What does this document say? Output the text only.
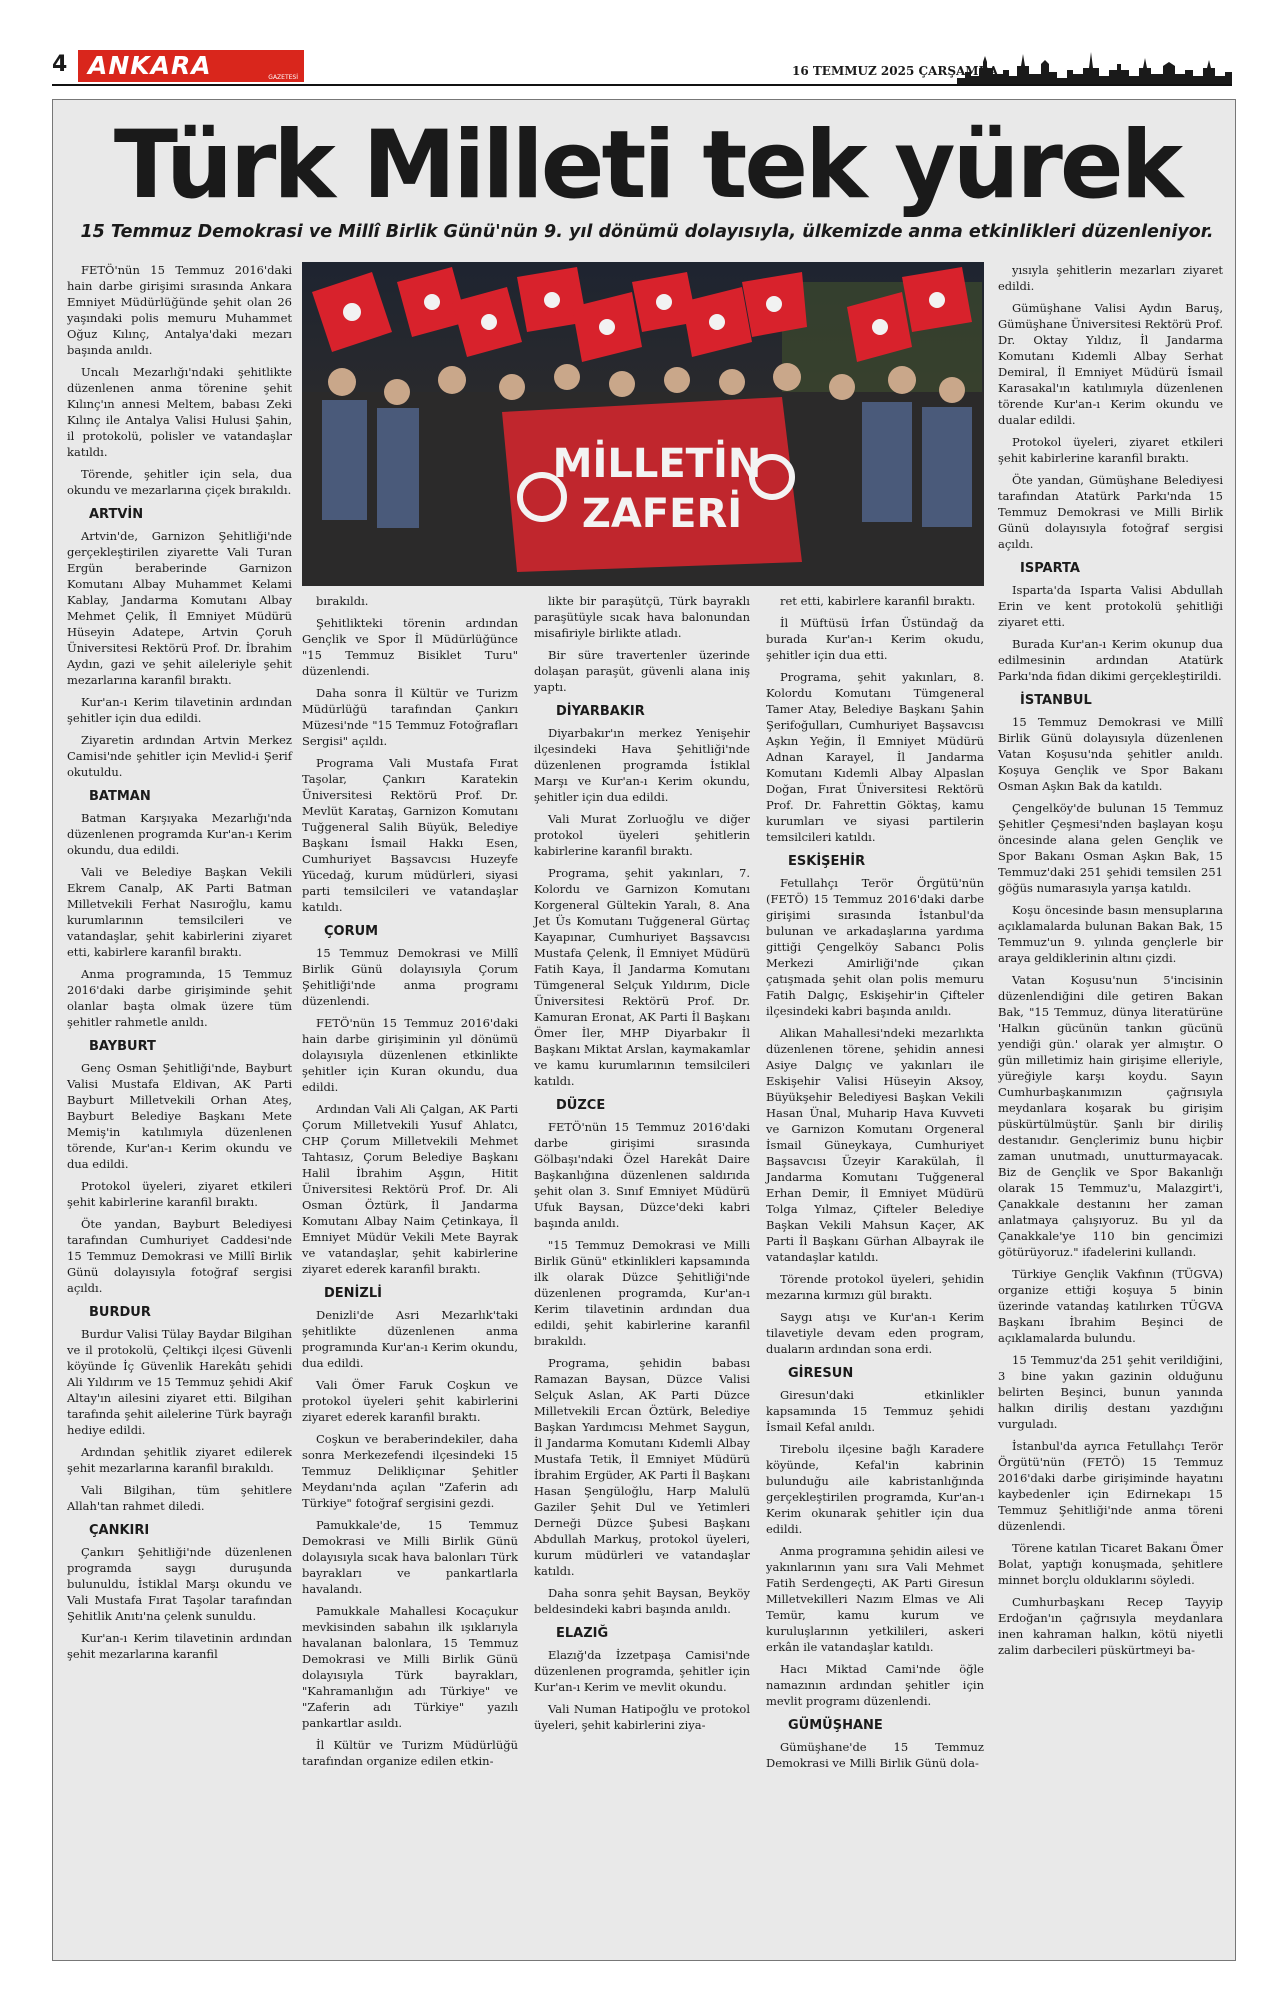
4 ANKARA	GAZETESİ	16 TEMMUZ 2025 ÇARŞAMBA
Türk Milleti tek yürek

15 Temmuz Demokrasi ve Millî Birlik Günü'nün 9. yıl dönümü dolayısıyla, ülkemizde anma etkinlikleri düzenleniyor.

FETÖ'nün 15 Temmuz 2016'daki hain darbe girişimi sırasında Ankara Emniyet Müdürlüğünde şehit olan 26 yaşındaki polis memuru Muhammet Oğuz Kılınç, Antalya'daki mezarı başında anıldı.

Uncalı Mezarlığı'ndaki şehitlikte düzenlenen anma törenine şehit Kılınç'ın annesi Meltem, babası Zeki Kılınç ile Antalya Valisi Hulusi Şahin, il protokolü, polisler ve vatandaşlar katıldı.

Törende, şehitler için sela, dua okundu ve mezarlarına çiçek bırakıldı.

ARTVİN

Artvin'de, Garnizon Şehitliği'nde gerçekleştirilen ziyarette Vali Turan Ergün beraberinde Garnizon Komutanı Albay Muhammet Kelami Kablay, Jandarma Komutanı Albay Mehmet Çelik, İl Emniyet Müdürü Hüseyin Adatepe, Artvin Çoruh Üniversitesi Rektörü Prof. Dr. İbrahim Aydın, gazi ve şehit aileleriyle şehit mezarlarına karanfil bıraktı.

Kur'an-ı Kerim tilavetinin ardından şehitler için dua edildi.

Ziyaretin ardından Artvin Merkez Camisi'nde şehitler için Mevlid-i Şerif okutuldu.

BATMAN

Batman Karşıyaka Mezarlığı'nda düzenlenen programda Kur'an-ı Kerim okundu, dua edildi.

Vali ve Belediye Başkan Vekili Ekrem Canalp, AK Parti Batman Milletvekili Ferhat Nasıroğlu, kamu kurumlarının temsilcileri ve vatandaşlar, şehit kabirlerini ziyaret etti, kabirlere karanfil bıraktı.

Anma programında, 15 Temmuz 2016'daki darbe girişiminde şehit olanlar başta olmak üzere tüm şehitler rahmetle anıldı.

BAYBURT

Genç Osman Şehitliği'nde, Bayburt Valisi Mustafa Eldivan, AK Parti Bayburt Milletvekili Orhan Ateş, Bayburt Belediye Başkanı Mete Memiş'in katılımıyla düzenlenen törende, Kur'an-ı Kerim okundu ve dua edildi.

Protokol üyeleri, ziyaret etkileri şehit kabirlerine karanfil bıraktı.

Öte yandan, Bayburt Belediyesi tarafından Cumhuriyet Caddesi'nde 15 Temmuz Demokrasi ve Millî Birlik Günü dolayısıyla fotoğraf sergisi açıldı.

BURDUR

Burdur Valisi Tülay Baydar Bilgihan ve il protokolü, Çeltikçi ilçesi Güvenli köyünde İç Güvenlik Harekâtı şehidi Ali Yıldırım ve 15 Temmuz şehidi Akif Altay'ın ailesini ziyaret etti. Bilgihan tarafında şehit ailelerine Türk bayrağı hediye edildi.

Ardından şehitlik ziyaret edilerek şehit mezarlarına karanfil bırakıldı.

Vali Bilgihan, tüm şehitlere Allah'tan rahmet diledi.

ÇANKIRI

Çankırı Şehitliği'nde düzenlenen programda saygı duruşunda bulunuldu, İstiklal Marşı okundu ve Vali Mustafa Fırat Taşolar tarafından Şehitlik Anıtı'na çelenk sunuldu.

Kur'an-ı Kerim tilavetinin ardından şehit mezarlarına karanfil

MİLLETİN
ZAFERİ

bırakıldı.

Şehitlikteki törenin ardından Gençlik ve Spor İl Müdürlüğünce "15 Temmuz Bisiklet Turu" düzenlendi.

Daha sonra İl Kültür ve Turizm Müdürlüğü tarafından Çankırı Müzesi'nde "15 Temmuz Fotoğrafları Sergisi" açıldı.

Programa Vali Mustafa Fırat Taşolar, Çankırı Karatekin Üniversitesi Rektörü Prof. Dr. Mevlüt Karataş, Garnizon Komutanı Tuğgeneral Salih Büyük, Belediye Başkanı İsmail Hakkı Esen, Cumhuriyet Başsavcısı Huzeyfe Yücedağ, kurum müdürleri, siyasi parti temsilcileri ve vatandaşlar katıldı.

ÇORUM

15 Temmuz Demokrasi ve Millî Birlik Günü dolayısıyla Çorum Şehitliği'nde anma programı düzenlendi.

FETÖ'nün 15 Temmuz 2016'daki hain darbe girişiminin yıl dönümü dolayısıyla düzenlenen etkinlikte şehitler için Kuran okundu, dua edildi.

Ardından Vali Ali Çalgan, AK Parti Çorum Milletvekili Yusuf Ahlatcı, CHP Çorum Milletvekili Mehmet Tahtasız, Çorum Belediye Başkanı Halil İbrahim Aşgın, Hitit Üniversitesi Rektörü Prof. Dr. Ali Osman Öztürk, İl Jandarma Komutanı Albay Naim Çetinkaya, İl Emniyet Müdür Vekili Mete Bayrak ve vatandaşlar, şehit kabirlerine ziyaret ederek karanfil bıraktı.

DENİZLİ

Denizli'de Asri Mezarlık'taki şehitlikte düzenlenen anma programında Kur'an-ı Kerim okundu, dua edildi.

Vali Ömer Faruk Coşkun ve protokol üyeleri şehit kabirlerini ziyaret ederek karanfil bıraktı.

Coşkun ve beraberindekiler, daha sonra Merkezefendi ilçesindeki 15 Temmuz Delikliçınar Şehitler Meydanı'nda açılan "Zaferin adı Türkiye" fotoğraf sergisini gezdi.

Pamukkale'de, 15 Temmuz Demokrasi ve Milli Birlik Günü dolayısıyla sıcak hava balonları Türk bayrakları ve pankartlarla havalandı.

Pamukkale Mahallesi Kocaçukur mevkisinden sabahın ilk ışıklarıyla havalanan balonlara, 15 Temmuz Demokrasi ve Milli Birlik Günü dolayısıyla Türk bayrakları, "Kahramanlığın adı Türkiye" ve "Zaferin adı Türkiye" yazılı pankartlar asıldı.

İl Kültür ve Turizm Müdürlüğü tarafından organize edilen etkin-

likte bir paraşütçü, Türk bayraklı paraşütüyle sıcak hava balonundan misafiriyle birlikte atladı.

Bir süre travertenler üzerinde dolaşan paraşüt, güvenli alana iniş yaptı.

DİYARBAKIR

Diyarbakır'ın merkez Yenişehir ilçesindeki Hava Şehitliği'nde düzenlenen programda İstiklal Marşı ve Kur'an-ı Kerim okundu, şehitler için dua edildi.

Vali Murat Zorluoğlu ve diğer protokol üyeleri şehitlerin kabirlerine karanfil bıraktı.

Programa, şehit yakınları, 7. Kolordu ve Garnizon Komutanı Korgeneral Gültekin Yaralı, 8. Ana Jet Üs Komutanı Tuğgeneral Gürtaç Kayapınar, Cumhuriyet Başsavcısı Mustafa Çelenk, İl Emniyet Müdürü Fatih Kaya, İl Jandarma Komutanı Tümgeneral Selçuk Yıldırım, Dicle Üniversitesi Rektörü Prof. Dr. Kamuran Eronat, AK Parti İl Başkanı Ömer İler, MHP Diyarbakır İl Başkanı Miktat Arslan, kaymakamlar ve kamu kurumlarının temsilcileri katıldı.

DÜZCE

FETÖ'nün 15 Temmuz 2016'daki darbe girişimi sırasında Gölbaşı'ndaki Özel Harekât Daire Başkanlığına düzenlenen saldırıda şehit olan 3. Sınıf Emniyet Müdürü Ufuk Baysan, Düzce'deki kabri başında anıldı.

"15 Temmuz Demokrasi ve Milli Birlik Günü" etkinlikleri kapsamında ilk olarak Düzce Şehitliği'nde düzenlenen programda, Kur'an-ı Kerim tilavetinin ardından dua edildi, şehit kabirlerine karanfil bırakıldı.

Programa, şehidin babası Ramazan Baysan, Düzce Valisi Selçuk Aslan, AK Parti Düzce Milletvekili Ercan Öztürk, Belediye Başkan Yardımcısı Mehmet Saygun, İl Jandarma Komutanı Kıdemli Albay Mustafa Tetik, İl Emniyet Müdürü İbrahim Ergüder, AK Parti İl Başkanı Hasan Şengüloğlu, Harp Malulü Gaziler Şehit Dul ve Yetimleri Derneği Düzce Şubesi Başkanı Abdullah Markuş, protokol üyeleri, kurum müdürleri ve vatandaşlar katıldı.

Daha sonra şehit Baysan, Beyköy beldesindeki kabri başında anıldı.

ELAZIĞ

Elazığ'da İzzetpaşa Camisi'nde düzenlenen programda, şehitler için Kur'an-ı Kerim ve mevlit okundu.

Vali Numan Hatipoğlu ve protokol üyeleri, şehit kabirlerini ziya-

ret etti, kabirlere karanfil bıraktı.

İl Müftüsü İrfan Üstündağ da burada Kur'an-ı Kerim okudu, şehitler için dua etti.

Programa, şehit yakınları, 8. Kolordu Komutanı Tümgeneral Tamer Atay, Belediye Başkanı Şahin Şerifoğulları, Cumhuriyet Başsavcısı Aşkın Yeğin, İl Emniyet Müdürü Adnan Karayel, İl Jandarma Komutanı Kıdemli Albay Alpaslan Doğan, Fırat Üniversitesi Rektörü Prof. Dr. Fahrettin Göktaş, kamu kurumları ve siyasi partilerin temsilcileri katıldı.

ESKİŞEHİR

Fetullahçı Terör Örgütü'nün (FETÖ) 15 Temmuz 2016'daki darbe girişimi sırasında İstanbul'da bulunan ve arkadaşlarına yardıma gittiği Çengelköy Sabancı Polis Merkezi Amirliği'nde çıkan çatışmada şehit olan polis memuru Fatih Dalgıç, Eskişehir'in Çifteler ilçesindeki kabri başında anıldı.

Alikan Mahallesi'ndeki mezarlıkta düzenlenen törene, şehidin annesi Asiye Dalgıç ve yakınları ile Eskişehir Valisi Hüseyin Aksoy, Büyükşehir Belediyesi Başkan Vekili Hasan Ünal, Muharip Hava Kuvveti ve Garnizon Komutanı Orgeneral İsmail Güneykaya, Cumhuriyet Başsavcısı Üzeyir Karakülah, İl Jandarma Komutanı Tuğgeneral Erhan Demir, İl Emniyet Müdürü Tolga Yılmaz, Çifteler Belediye Başkan Vekili Mahsun Kaçer, AK Parti İl Başkanı Gürhan Albayrak ile vatandaşlar katıldı.

Törende protokol üyeleri, şehidin mezarına kırmızı gül bıraktı.

Saygı atışı ve Kur'an-ı Kerim tilavetiyle devam eden program, duaların ardından sona erdi.

GİRESUN

Giresun'daki etkinlikler kapsamında 15 Temmuz şehidi İsmail Kefal anıldı.

Tirebolu ilçesine bağlı Karadere köyünde, Kefal'in kabrinin bulunduğu aile kabristanlığında gerçekleştirilen programda, Kur'an-ı Kerim okunarak şehitler için dua edildi.

Anma programına şehidin ailesi ve yakınlarının yanı sıra Vali Mehmet Fatih Serdengeçti, AK Parti Giresun Milletvekilleri Nazım Elmas ve Ali Temür, kamu kurum ve kuruluşlarının yetkilileri, askeri erkân ile vatandaşlar katıldı.

Hacı Miktad Cami'nde öğle namazının ardından şehitler için mevlit programı düzenlendi.

GÜMÜŞHANE

Gümüşhane'de 15 Temmuz Demokrasi ve Milli Birlik Günü dola-

yısıyla şehitlerin mezarları ziyaret edildi.

Gümüşhane Valisi Aydın Baruş, Gümüşhane Üniversitesi Rektörü Prof. Dr. Oktay Yıldız, İl Jandarma Komutanı Kıdemli Albay Serhat Demiral, İl Emniyet Müdürü İsmail Karasakal'ın katılımıyla düzenlenen törende Kur'an-ı Kerim okundu ve dualar edildi.

Protokol üyeleri, ziyaret etkileri şehit kabirlerine karanfil bıraktı.

Öte yandan, Gümüşhane Belediyesi tarafından Atatürk Parkı'nda 15 Temmuz Demokrasi ve Milli Birlik Günü dolayısıyla fotoğraf sergisi açıldı.

ISPARTA

Isparta'da Isparta Valisi Abdullah Erin ve kent protokolü şehitliği ziyaret etti.

Burada Kur'an-ı Kerim okunup dua edilmesinin ardından Atatürk Parkı'nda fidan dikimi gerçekleştirildi.

İSTANBUL

15 Temmuz Demokrasi ve Millî Birlik Günü dolayısıyla düzenlenen Vatan Koşusu'nda şehitler anıldı. Koşuya Gençlik ve Spor Bakanı Osman Aşkın Bak da katıldı.

Çengelköy'de bulunan 15 Temmuz Şehitler Çeşmesi'nden başlayan koşu öncesinde alana gelen Gençlik ve Spor Bakanı Osman Aşkın Bak, 15 Temmuz'daki 251 şehidi temsilen 251 göğüs numarasıyla yarışa katıldı.

Koşu öncesinde basın mensuplarına açıklamalarda bulunan Bakan Bak, 15 Temmuz'un 9. yılında gençlerle bir araya geldiklerinin altını çizdi.

Vatan Koşusu'nun 5'incisinin düzenlendiğini dile getiren Bakan Bak, "15 Temmuz, dünya literatürüne 'Halkın gücünün tankın gücünü yendiği gün.' olarak yer almıştır. O gün milletimiz hain girişime elleriyle, yüreğiyle karşı koydu. Sayın Cumhurbaşkanımızın çağrısıyla meydanlara koşarak bu girişim püskürtülmüştür. Şanlı bir diriliş destanıdır. Gençlerimiz bunu hiçbir zaman unutmadı, unutturmayacak. Biz de Gençlik ve Spor Bakanlığı olarak 15 Temmuz'u, Malazgirt'i, Çanakkale destanını her zaman anlatmaya çalışıyoruz. Bu yıl da Çanakkale'ye 110 bin gencimizi götürüyoruz." ifadelerini kullandı.

Türkiye Gençlik Vakfının (TÜGVA) organize ettiği koşuya 5 binin üzerinde vatandaş katılırken TÜGVA Başkanı İbrahim Beşinci de açıklamalarda bulundu.

15 Temmuz'da 251 şehit verildiğini, 3 bine yakın gazinin olduğunu belirten Beşinci, bunun yanında halkın diriliş destanı yazdığını vurguladı.

İstanbul'da ayrıca Fetullahçı Terör Örgütü'nün (FETÖ) 15 Temmuz 2016'daki darbe girişiminde hayatını kaybedenler için Edirnekapı 15 Temmuz Şehitliği'nde anma töreni düzenlendi.

Törene katılan Ticaret Bakanı Ömer Bolat, yaptığı konuşmada, şehitlere minnet borçlu olduklarını söyledi.

Cumhurbaşkanı Recep Tayyip Erdoğan'ın çağrısıyla meydanlara inen kahraman halkın, kötü niyetli zalim darbecileri püskürtmeyi ba-
